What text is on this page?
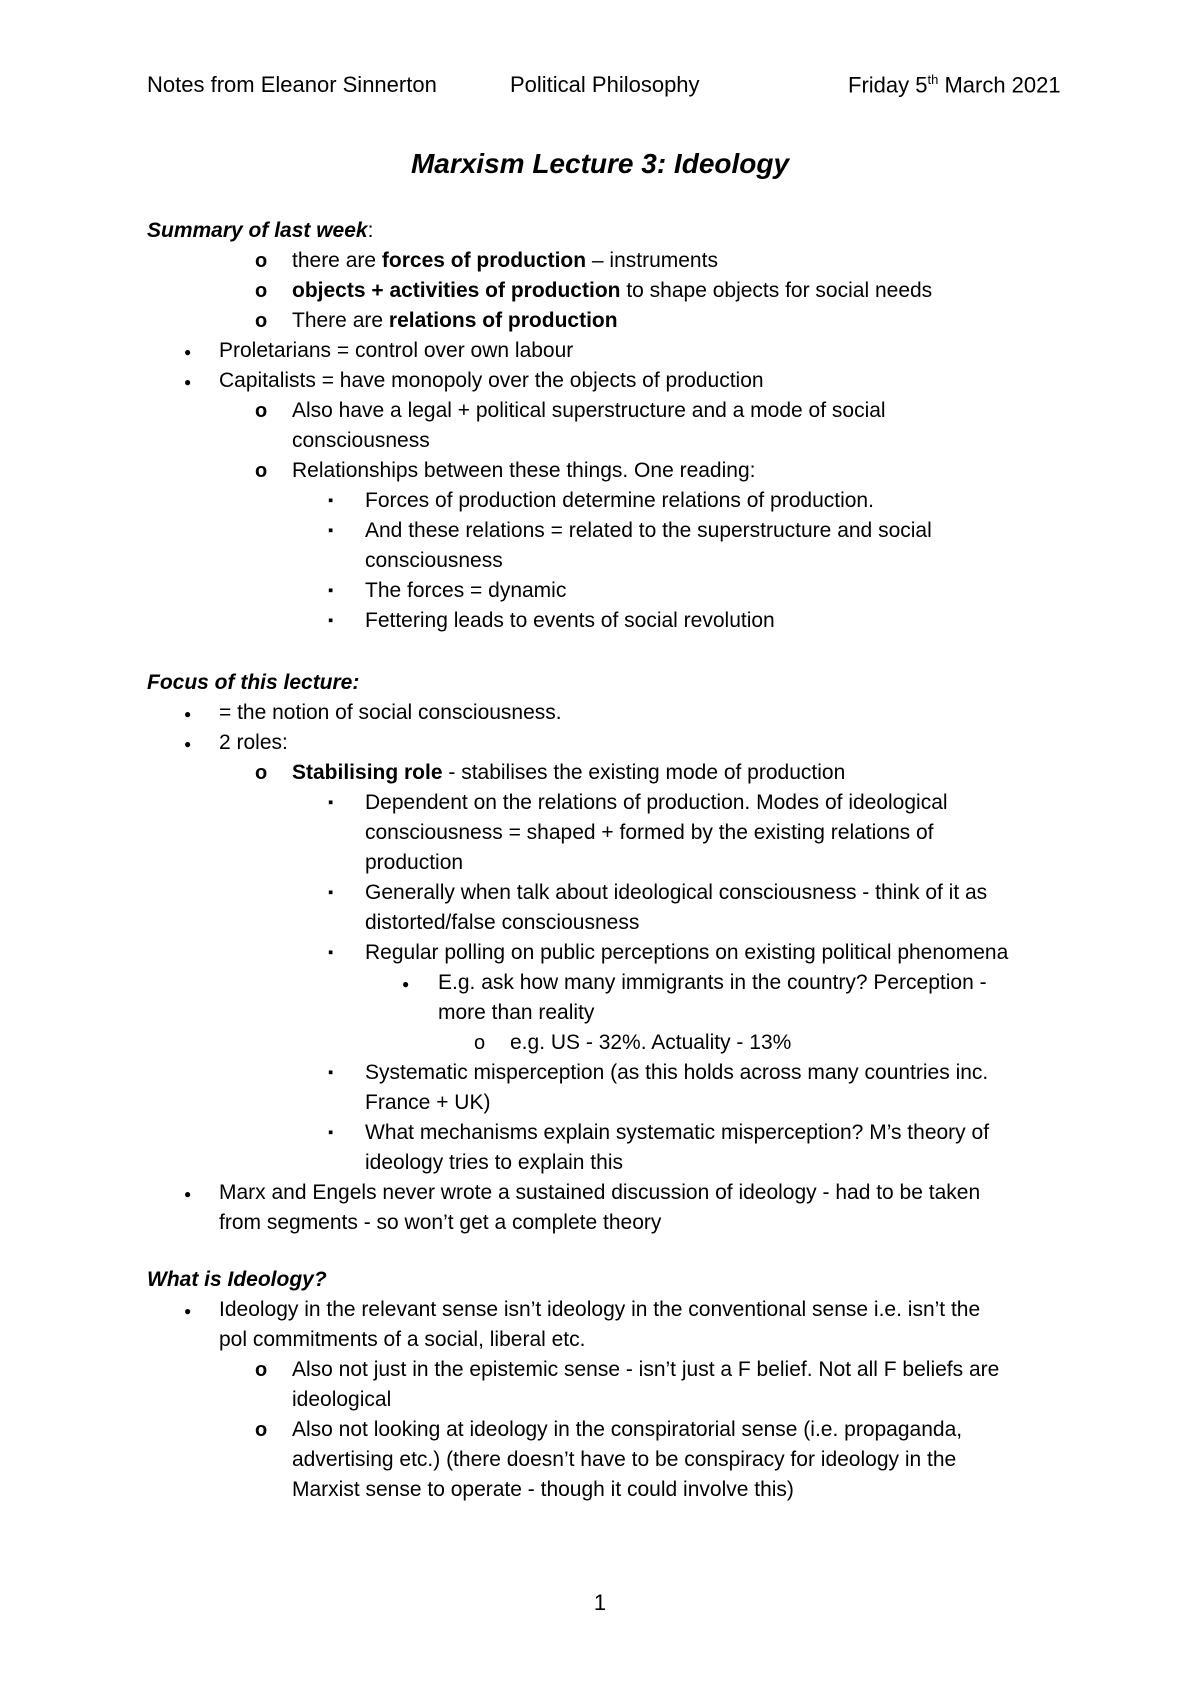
Notes from Eleanor Sinnerton	Political Philosophy	Friday 5th March 2021
Marxism Lecture 3: Ideology
Summary of last week:
Focus of this lecture:
What is Ideology?
o there are forces of production – instruments
o objects + activities of production to shape objects for social needs
o There are relations of production
● Proletarians = control over own labour
● Capitalists = have monopoly over the objects of production
o Also have a legal + political superstructure and a mode of social
consciousness
o Relationships between these things. One reading:
▪ Forces of production determine relations of production.
▪ And these relations = related to the superstructure and social
consciousness
▪ The forces = dynamic
▪ Fettering leads to events of social revolution
● = the notion of social consciousness.
● 2 roles:
o Stabilising role - stabilises the existing mode of production
▪ Dependent on the relations of production. Modes of ideological
consciousness = shaped + formed by the existing relations of
production
▪ Generally when talk about ideological consciousness - think of it as
distorted/false consciousness
▪ Regular polling on public perceptions on existing political phenomena
● E.g. ask how many immigrants in the country? Perception -
more than reality
o e.g. US - 32%. Actuality - 13%
▪ Systematic misperception (as this holds across many countries inc.
France + UK)
▪ What mechanisms explain systematic misperception? M’s theory of
ideology tries to explain this
● Marx and Engels never wrote a sustained discussion of ideology - had to be taken
from segments - so won’t get a complete theory
● Ideology in the relevant sense isn’t ideology in the conventional sense i.e. isn’t the
pol commitments of a social, liberal etc.
o Also not just in the epistemic sense - isn’t just a F belief. Not all F beliefs are
ideological
o Also not looking at ideology in the conspiratorial sense (i.e. propaganda,
advertising etc.) (there doesn’t have to be conspiracy for ideology in the
Marxist sense to operate - though it could involve this)
1
